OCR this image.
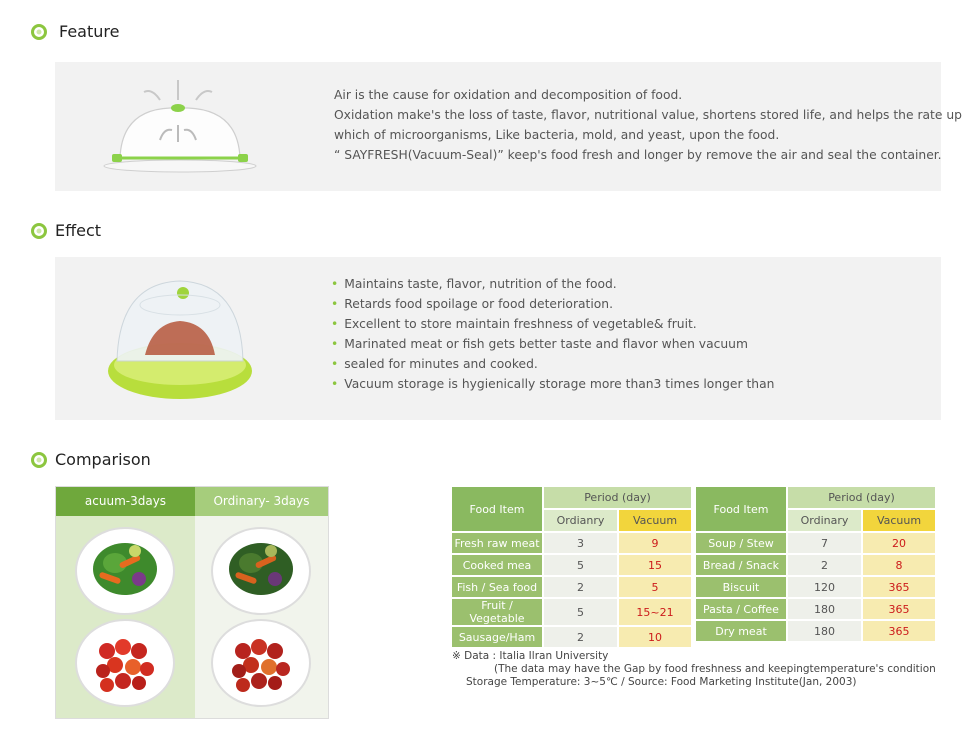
Feature
Air is the cause for oxidation and decomposition of food.
Oxidation make's the loss of taste, flavor, nutritional value, shortens stored life, and helps the rate up
which of microorganisms, Like bacteria, mold, and yeast, upon the food.
“ SAYFRESH(Vacuum-Seal)” keep's food fresh and longer by remove the air and seal the container.
Effect
• Maintains taste, flavor, nutrition of the food.
• Retards food spoilage or food deterioration.
• Excellent to store maintain freshness of vegetable& fruit.
• Marinated meat or fish gets better taste and flavor when vacuum
• sealed for minutes and cooked.
• Vacuum storage is hygienically storage more than3 times longer than
Comparison
acuum-3days	Ordinary- 3days
Food Item	Period (day)	
	Ordianry	Vacuum
Fresh raw meat	3	9
Cooked mea	5	15
Fish / Sea food	2	5
Fruit / Vegetable	5	15~21
Sausage/Ham	2	10
Food Item	Period (day)	
	Ordinary	Vacuum
Soup / Stew	7	20
Bread / Snack	2	8
Biscuit	120	365
Pasta / Coffee	180	365
Dry meat	180	365
※ Data : Italia Ilran University
(The data may have the Gap by food freshness and keepingtemperature's condition
Storage Temperature: 3~5℃ / Source: Food Marketing Institute(Jan, 2003)
